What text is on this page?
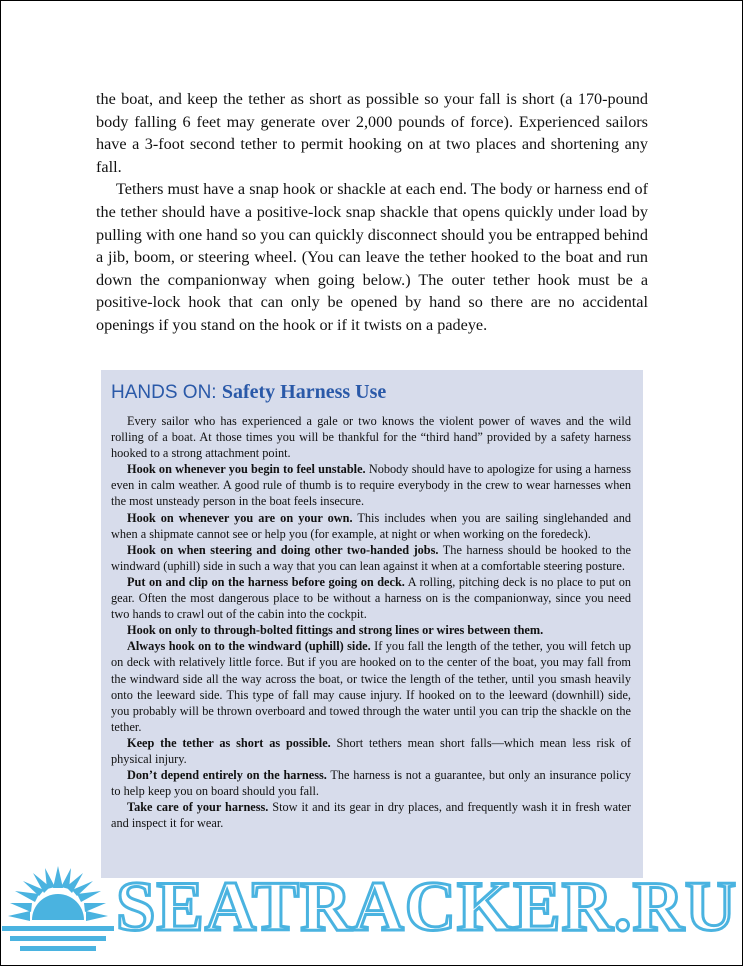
the boat, and keep the tether as short as possible so your fall is short (a 170-pound body falling 6 feet may generate over 2,000 pounds of force). Experienced sailors have a 3-foot second tether to permit hooking on at two places and shortening any fall.

Tethers must have a snap hook or shackle at each end. The body or harness end of the tether should have a positive-lock snap shackle that opens quickly under load by pulling with one hand so you can quickly disconnect should you be entrapped behind a jib, boom, or steering wheel. (You can leave the tether hooked to the boat and run down the companionway when going below.) The outer tether hook must be a positive-lock hook that can only be opened by hand so there are no accidental openings if you stand on the hook or if it twists on a padeye.

HANDS ON: Safety Harness Use

Every sailor who has experienced a gale or two knows the violent power of waves and the wild rolling of a boat. At those times you will be thankful for the “third hand” provided by a safety harness hooked to a strong attachment point.

Hook on whenever you begin to feel unstable. Nobody should have to apologize for using a harness even in calm weather. A good rule of thumb is to require everybody in the crew to wear harnesses when the most unsteady person in the boat feels insecure.

Hook on whenever you are on your own. This includes when you are sailing singlehanded and when a shipmate cannot see or help you (for example, at night or when working on the foredeck).

Hook on when steering and doing other two-handed jobs. The harness should be hooked to the windward (uphill) side in such a way that you can lean against it when at a comfortable steering posture.

Put on and clip on the harness before going on deck. A rolling, pitching deck is no place to put on gear. Often the most dangerous place to be without a harness on is the companionway, since you need two hands to crawl out of the cabin into the cockpit.

Hook on only to through-bolted fittings and strong lines or wires between them.

Always hook on to the windward (uphill) side. If you fall the length of the tether, you will fetch up on deck with relatively little force. But if you are hooked on to the center of the boat, you may fall from the windward side all the way across the boat, or twice the length of the tether, until you smash heavily onto the leeward side. This type of fall may cause injury. If hooked on to the leeward (downhill) side, you probably will be thrown overboard and towed through the water until you can trip the shackle on the tether.

Keep the tether as short as possible. Short tethers mean short falls—which mean less risk of physical injury.

Don’t depend entirely on the harness. The harness is not a guarantee, but only an insurance policy to help keep you on board should you fall.

Take care of your harness. Stow it and its gear in dry places, and frequently wash it in fresh water and inspect it for wear.

SEATRACKER.RU
